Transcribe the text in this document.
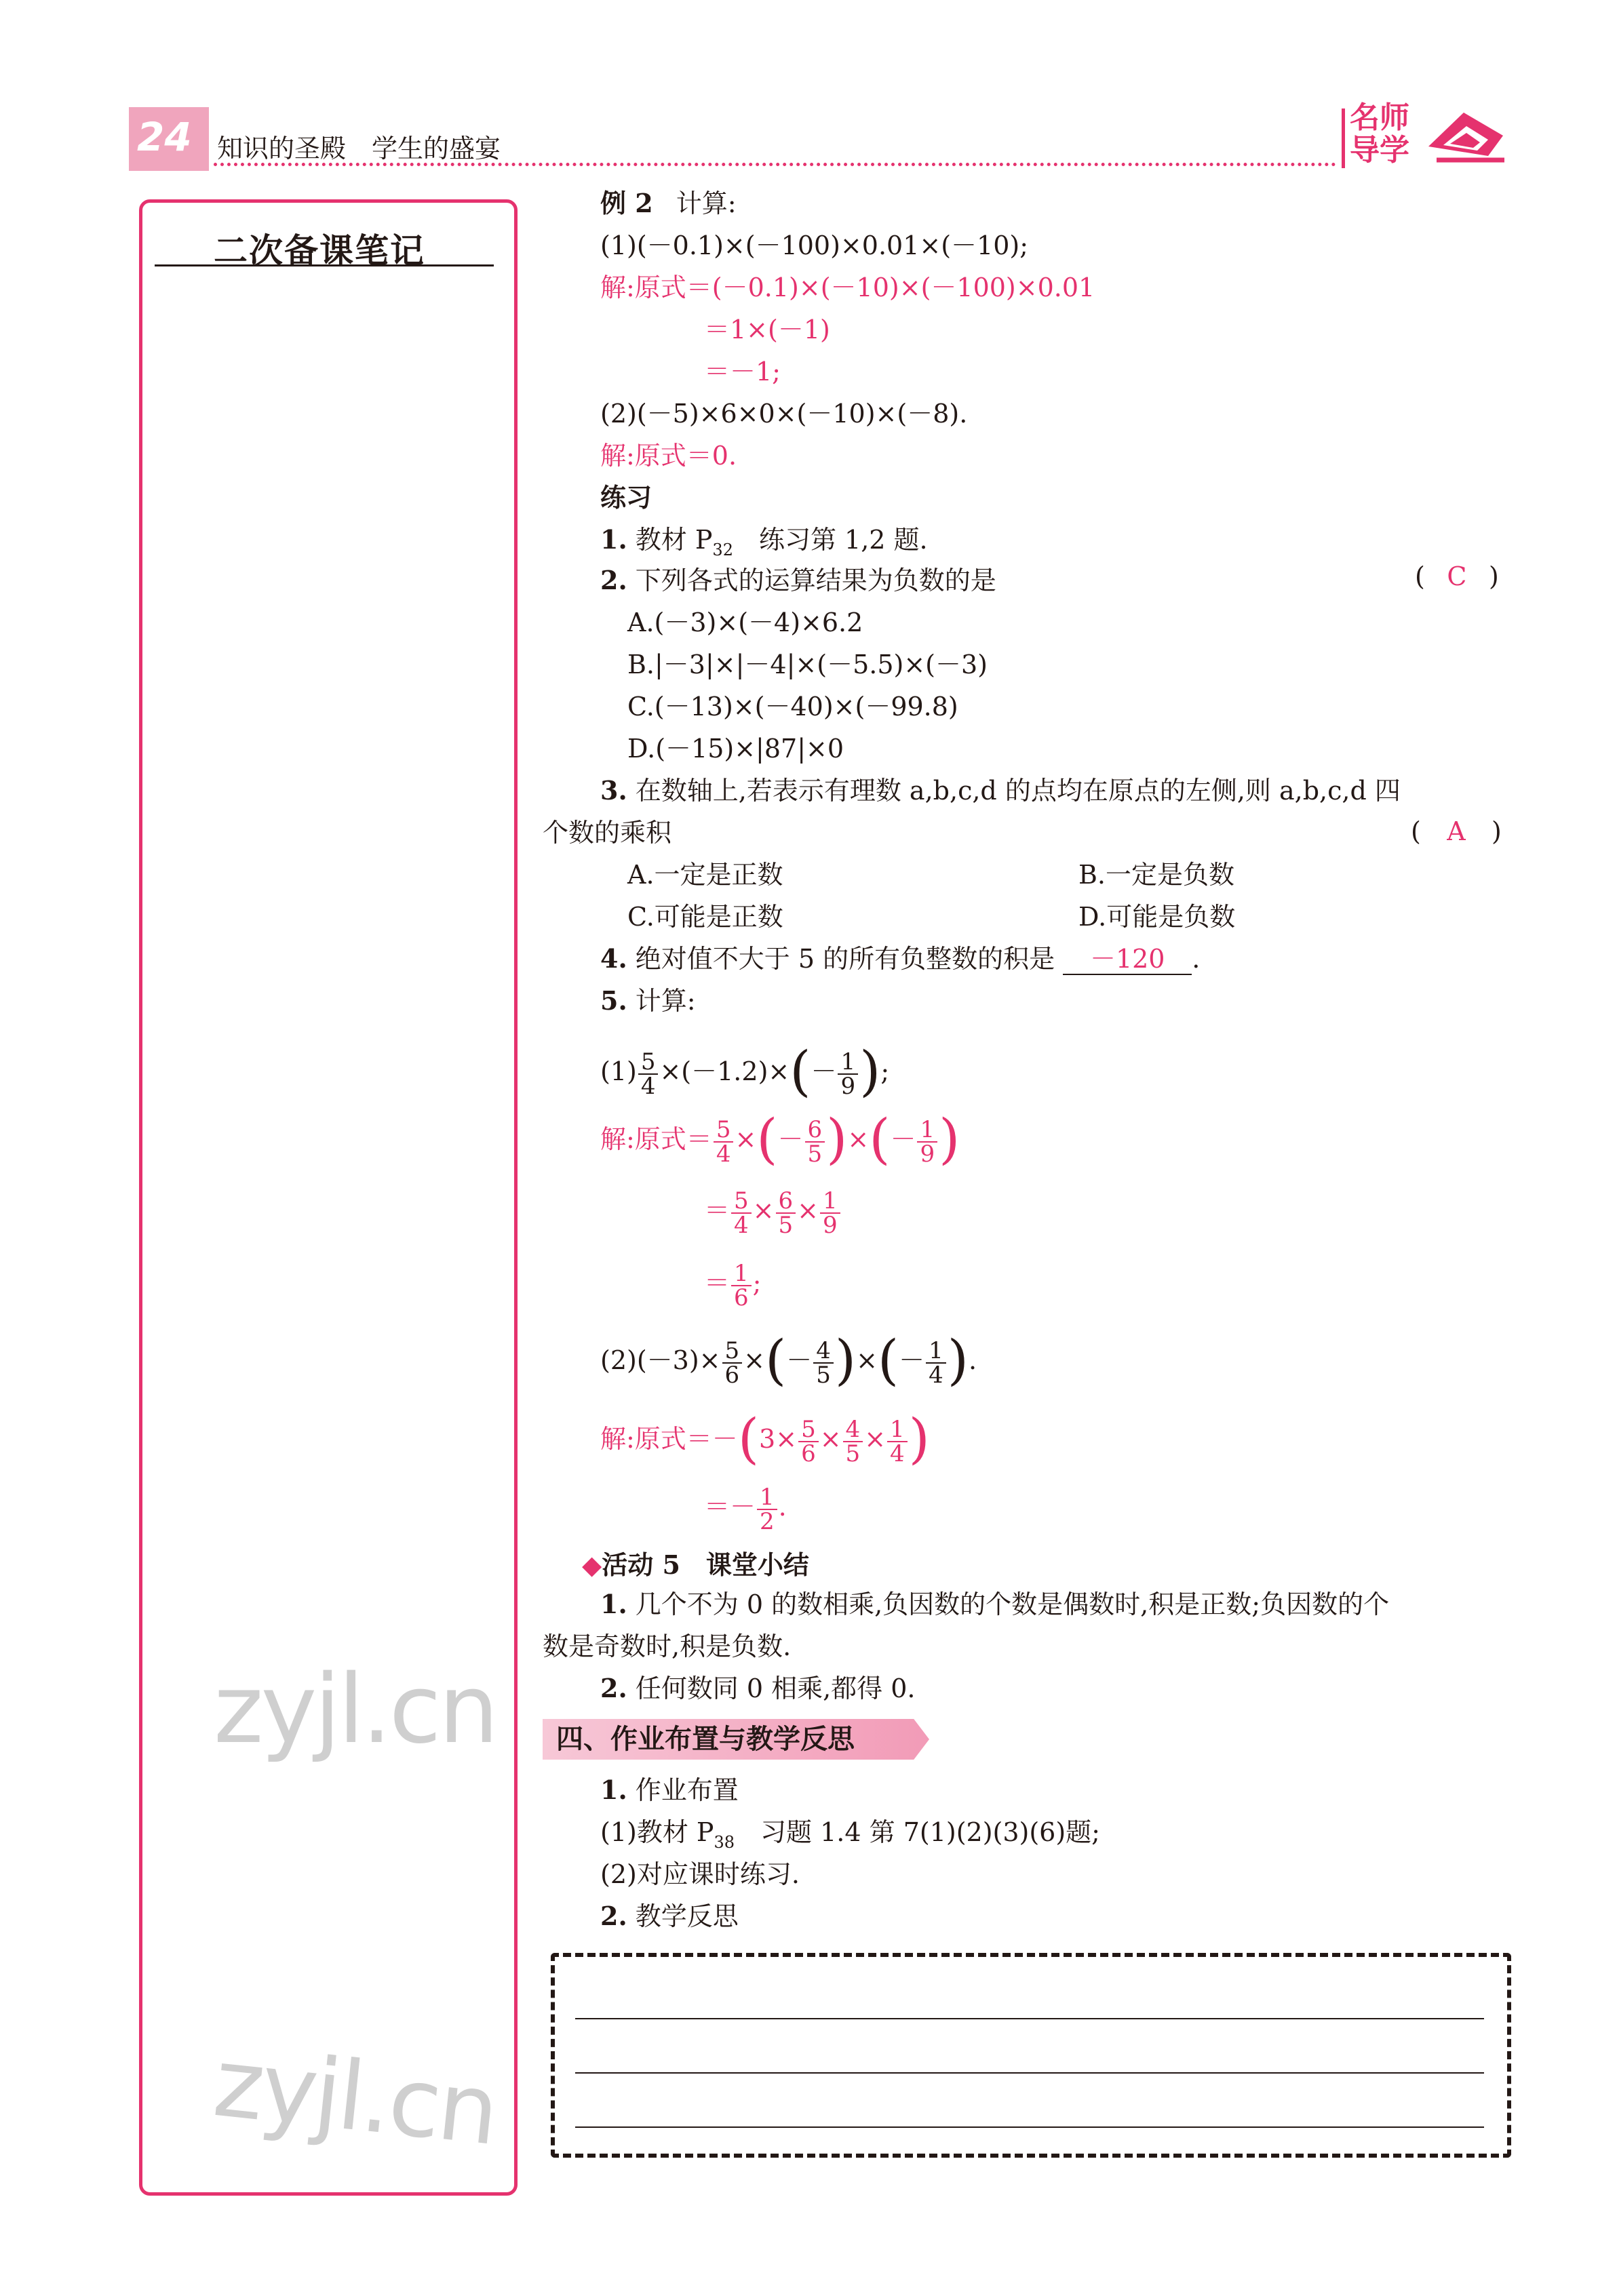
24 知识的圣殿　学生的盛宴
名师
导学
二次备课笔记
zyjl.cn
zyjl.cn
例 2 计算:
(1)(－0.1)×(－100)×0.01×(－10);
解:原式＝(－0.1)×(－10)×(－100)×0.01
＝1×(－1)
＝－1;
(2)(－5)×6×0×(－10)×(－8).
解:原式＝0.
练习
1. 教材 $P_{32}$　练习第 1,2 题.
2. 下列各式的运算结果为负数的是	( C )
A.(－3)×(－4)×6.2
B.|－3|×|－4|×(－5.5)×(－3)
C.(－13)×(－40)×(－99.8)
D.(－15)×|87|×0
3. 在数轴上,若表示有理数 a,b,c,d 的点均在原点的左侧,则 a,b,c,d 四
个数的乘积	( A )
A.一定是正数	B.一定是负数
C.可能是正数	D.可能是负数
4. 绝对值不大于 5 的所有负整数的积是 －120 .
5. 计算:
$(1) \frac{5}{4} \times(-1.2)\times(- \frac{1}{9}$ );
解:原式＝ $\frac{5}{4}$ ×(－ $\frac{6}{5}$ )×(－ $\frac{1}{9}$ )
＝ $\frac{5}{4} \times \frac{6}{5} \times \frac{1}{9}$
＝ $\frac{1}{6}$ ;
$(2)(-3)\times \frac{5}{6}$ ×(－ $\frac{4}{5}$ )×(－ $\frac{1}{4}$ ).
解:原式$=-(3\times \frac{5}{6} \times \frac{4}{5} \times \frac{1}{4}$ )
＝－ $\frac{1}{2}$ .
◆活动 5　课堂小结
1. 几个不为 0 的数相乘,负因数的个数是偶数时,积是正数;负因数的个
数是奇数时,积是负数.
2. 任何数同 0 相乘,都得 0.
四、作业布置与教学反思
1. 作业布置
(1)教材 $P_{38}$　习题 1.4 第 7(1)(2)(3)(6)题;
(2)对应课时练习.
2. 教学反思
